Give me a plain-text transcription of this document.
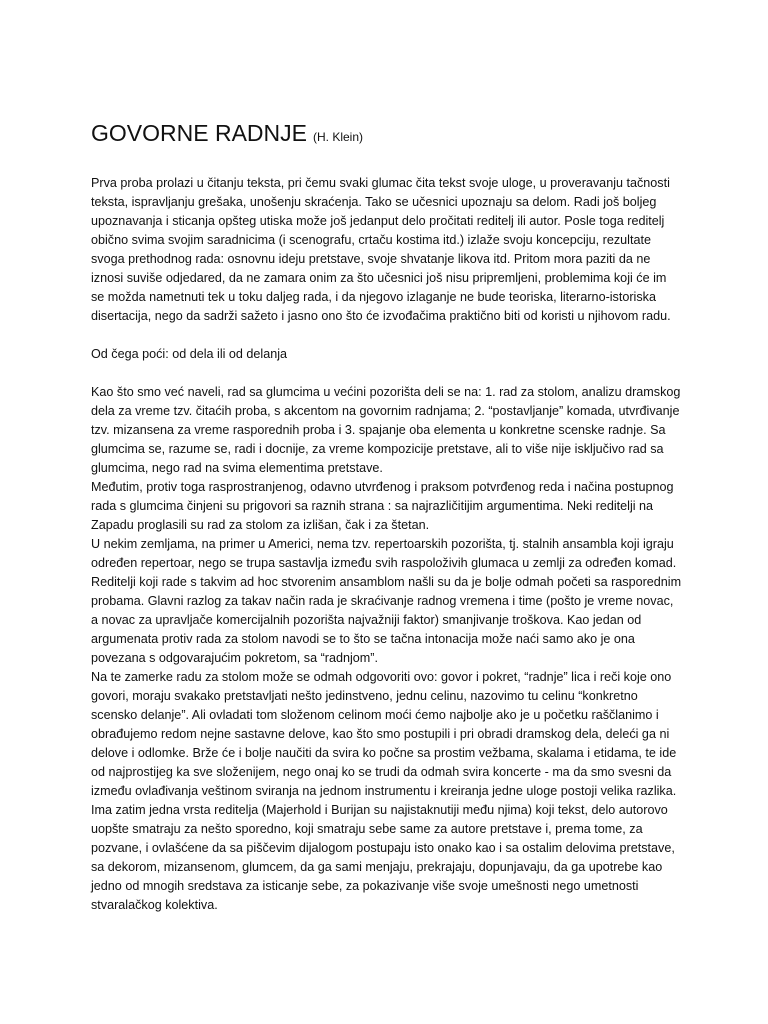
GOVORNE RADNJE (H. Klein)

Prva proba prolazi u čitanju teksta, pri čemu svaki glumac čita tekst svoje uloge, u proveravanju tačnosti teksta, ispravljanju grešaka, unošenju skraćenja. Tako se učesnici upoznaju sa delom. Radi još boljeg upoznavanja i sticanja opšteg utiska može još jedanput delo pročitati reditelj ili autor. Posle toga reditelj obično svima svojim saradnicima (i scenografu, crtaču kostima itd.) izlaže svoju koncepciju, rezultate svoga prethodnog rada: osnovnu ideju pretstave, svoje shvatanje likova itd. Pritom mora paziti da ne iznosi suviše odjedared, da ne zamara onim za što učesnici još nisu pripremljeni, problemima koji će im se možda nametnuti tek u toku daljeg rada, i da njegovo izlaganje ne bude teoriska, literarno-istoriska disertacija, nego da sadrži sažeto i jasno ono što će izvođačima praktično biti od koristi u njihovom radu.

Od čega poći: od dela ili od delanja

Kao što smo već naveli, rad sa glumcima u većini pozorišta deli se na: 1. rad za stolom, analizu dramskog dela za vreme tzv. čitaćih proba, s akcentom na govornim radnjama; 2. “postavljanje” komada, utvrđivanje tzv. mizansena za vreme rasporednih proba i 3. spajanje oba elementa u konkretne scenske radnje. Sa glumcima se, razume se, radi i docnije, za vreme kompozicije pretstave, ali to više nije isključivo rad sa glumcima, nego rad na svima elementima pretstave.

Međutim, protiv toga rasprostranjenog, odavno utvrđenog i praksom potvrđenog reda i načina postupnog rada s glumcima činjeni su prigovori sa raznih strana : sa najrazličitijim argumentima. Neki reditelji na Zapadu proglasili su rad za stolom za izlišan, čak i za štetan.

U nekim zemljama, na primer u Americi, nema tzv. repertoarskih pozorišta, tj. stalnih ansambla koji igraju određen repertoar, nego se trupa sastavlja između svih raspoloživih glumaca u zemlji za određen komad. Reditelji koji rade s takvim ad hoc stvorenim ansamblom našli su da je bolje odmah početi sa rasporednim probama. Glavni razlog za takav način rada je skraćivanje radnog vremena i time (pošto je vreme novac, a novac za upravljače komercijalnih pozorišta najvažniji faktor) smanjivanje troškova. Kao jedan od argumenata protiv rada za stolom navodi se to što se tačna intonacija može naći samo ako je ona povezana s odgovarajućim pokretom, sa “radnjom”.

Na te zamerke radu za stolom može se odmah odgovoriti ovo: govor i pokret, “radnje” lica i reči koje ono govori, moraju svakako pretstavljati nešto jedinstveno, jednu celinu, nazovimo tu celinu “konkretno scensko delanje”. Ali ovladati tom složenom celinom moći ćemo najbolje ako je u početku raščlanimo i obrađujemo redom nejne sastavne delove, kao što smo postupili i pri obradi dramskog dela, deleći ga ni delove i odlomke. Brže će i bolje naučiti da svira ko počne sa prostim vežbama, skalama i etidama, te ide od najprostijeg ka sve složenijem, nego onaj ko se trudi da odmah svira koncerte - ma da smo svesni da između ovlađivanja veštinom sviranja na jednom instrumentu i kreiranja jedne uloge postoji velika razlika.

Ima zatim jedna vrsta reditelja (Majerhold i Burijan su najistaknutiji među njima) koji tekst, delo autorovo uopšte smatraju za nešto sporedno, koji smatraju sebe same za autore pretstave i, prema tome, za pozvane, i ovlašćene da sa piščevim dijalogom postupaju isto onako kao i sa ostalim delovima pretstave, sa dekorom, mizansenom, glumcem, da ga sami menjaju, prekrajaju, dopunjavaju, da ga upotrebe kao jedno od mnogih sredstava za isticanje sebe, za pokazivanje više svoje umešnosti nego umetnosti stvaralačkog kolektiva.
